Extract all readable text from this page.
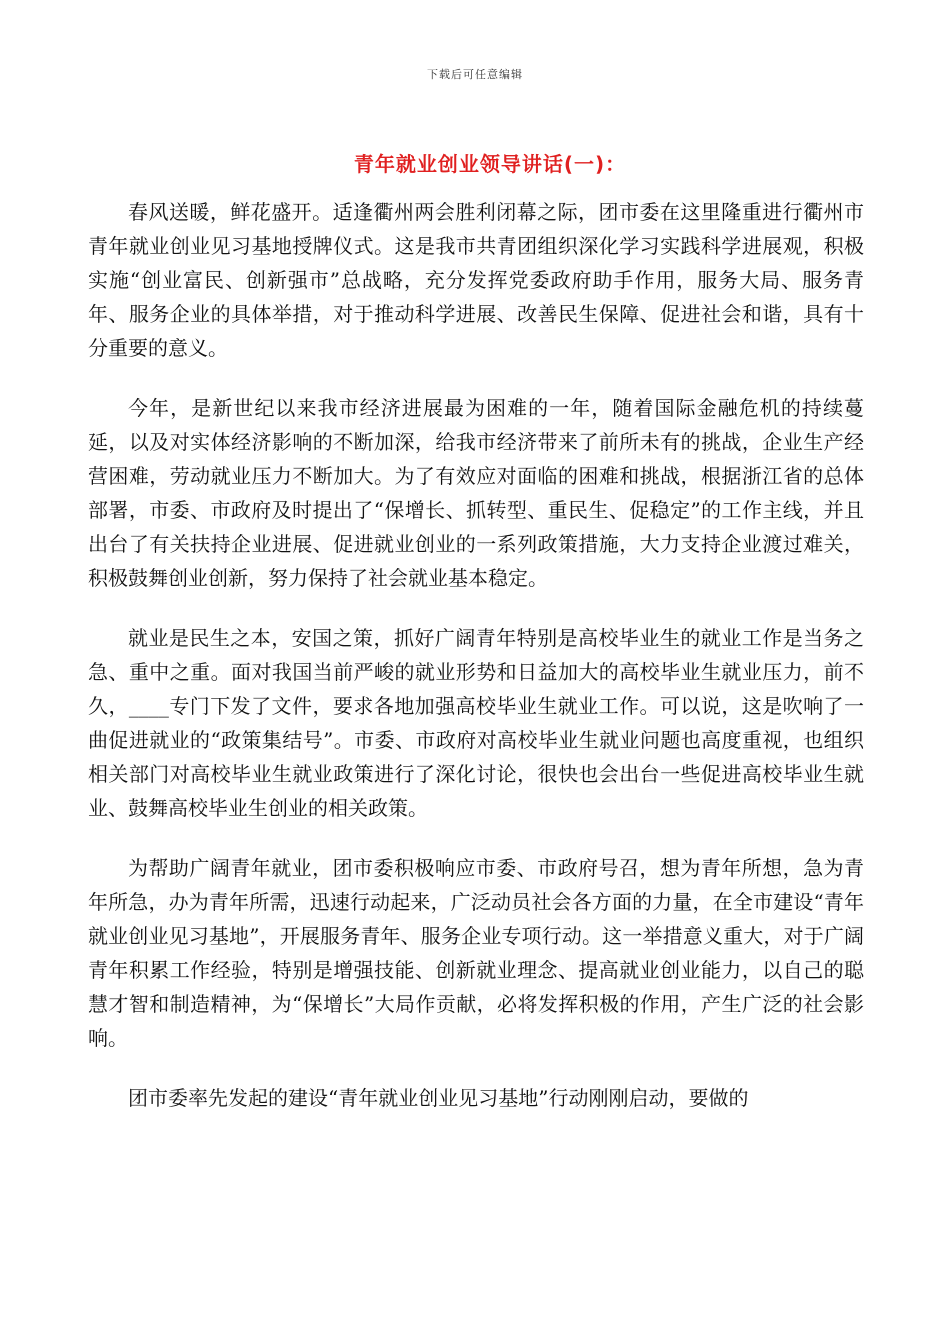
下载后可任意编辑
青年就业创业领导讲话(一)：

春风送暖，鲜花盛开。适逢衢州两会胜利闭幕之际，团市委在这里隆重进行衢州市青年就业创业见习基地授牌仪式。这是我市共青团组织深化学习实践科学进展观，积极实施“创业富民、创新强市”总战略，充分发挥党委政府助手作用，服务大局、服务青年、服务企业的具体举措，对于推动科学进展、改善民生保障、促进社会和谐，具有十分重要的意义。

今年，是新世纪以来我市经济进展最为困难的一年，随着国际金融危机的持续蔓延，以及对实体经济影响的不断加深，给我市经济带来了前所未有的挑战，企业生产经营困难，劳动就业压力不断加大。为了有效应对面临的困难和挑战，根据浙江省的总体部署，市委、市政府及时提出了“保增长、抓转型、重民生、促稳定”的工作主线，并且出台了有关扶持企业进展、促进就业创业的一系列政策措施，大力支持企业渡过难关，积极鼓舞创业创新，努力保持了社会就业基本稳定。

就业是民生之本，安国之策，抓好广阔青年特别是高校毕业生的就业工作是当务之急、重中之重。面对我国当前严峻的就业形势和日益加大的高校毕业生就业压力，前不久，____专门下发了文件，要求各地加强高校毕业生就业工作。可以说，这是吹响了一曲促进就业的“政策集结号”。市委、市政府对高校毕业生就业问题也高度重视，也组织相关部门对高校毕业生就业政策进行了深化讨论，很快也会出台一些促进高校毕业生就业、鼓舞高校毕业生创业的相关政策。

为帮助广阔青年就业，团市委积极响应市委、市政府号召，想为青年所想，急为青年所急，办为青年所需，迅速行动起来，广泛动员社会各方面的力量，在全市建设“青年就业创业见习基地”，开展服务青年、服务企业专项行动。这一举措意义重大，对于广阔青年积累工作经验，特别是增强技能、创新就业理念、提高就业创业能力，以自己的聪慧才智和制造精神，为“保增长”大局作贡献，必将发挥积极的作用，产生广泛的社会影响。

团市委率先发起的建设“青年就业创业见习基地”行动刚刚启动，要做的
